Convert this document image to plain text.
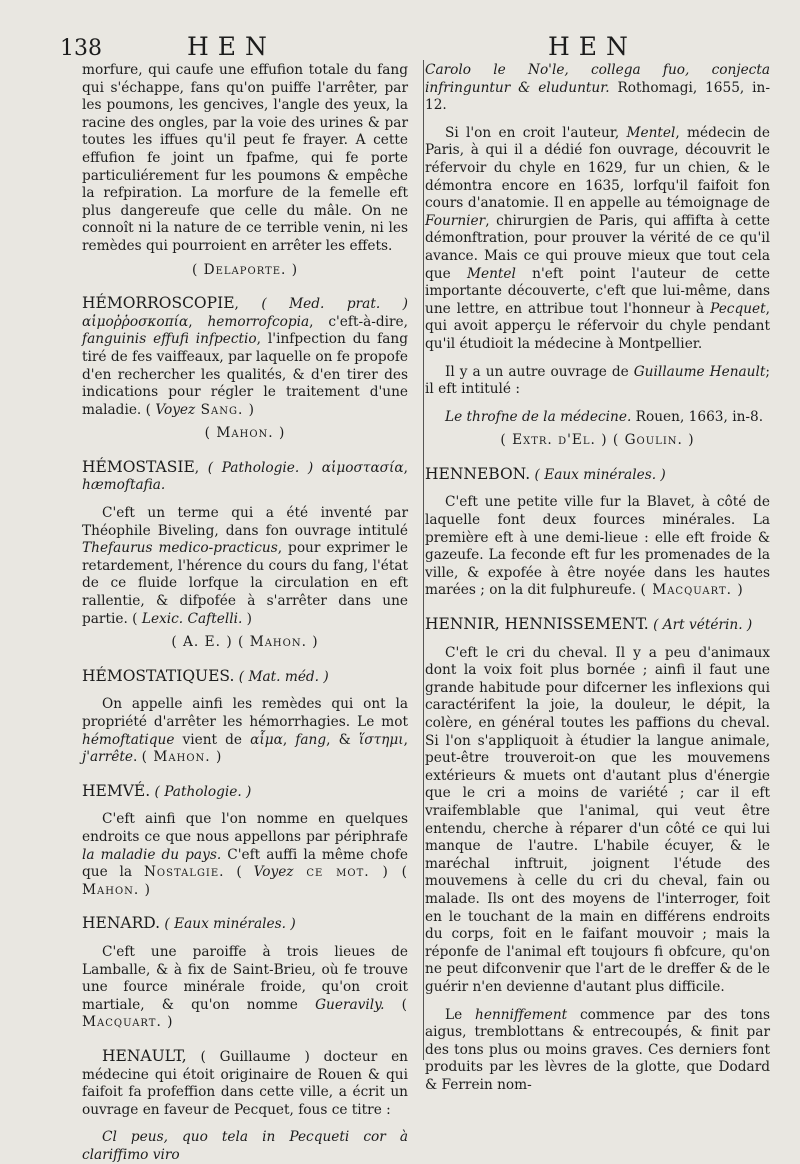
138	HEN	HEN

morfure, qui caufe une effufion totale du fang qui s'échappe, fans qu'on puiffe l'arrêter, par les poumons, les gencives, l'angle des yeux, la racine des ongles, par la voie des urines & par toutes les iffues qu'il peut fe frayer. A cette effufion fe joint un fpafme, qui fe porte particuliérement fur les poumons & empêche la refpiration. La morfure de la femelle eft plus dangereufe que celle du mâle. On ne connoît ni la nature de ce terrible venin, ni les remèdes qui pourroient en arrêter les effets.

( Delaporte. )

HÉMORROSCOPIE, ( Med. prat. ) αἱμοῤῥοσκοπία, hemorrofcopia, c'eft-à-dire, fanguinis effufi infpectio, l'infpection du fang tiré de fes vaiffeaux, par laquelle on fe propofe d'en rechercher les qualités, & d'en tirer des indications pour régler le traitement d'une maladie. ( Voyez Sang. )

( Mahon. )

HÉMOSTASIE, ( Pathologie. ) αἱμοστασία, hæmoftafia.

C'eft un terme qui a été inventé par Théophile Biveling, dans fon ouvrage intitulé Thefaurus medico-practicus, pour exprimer le retardement, l'hérence du cours du fang, l'état de ce fluide lorfque la circulation en eft rallentie, & difpofée à s'arrêter dans une partie. ( Lexic. Caftelli. )

( A. E. ) ( Mahon. )

HÉMOSTATIQUES. ( Mat. méd. )

On appelle ainfi les remèdes qui ont la propriété d'arrêter les hémorrhagies. Le mot hémoftatique vient de αἷμα, fang, & ἵστημι, j'arrête. ( Mahon. )

HEMVÉ. ( Pathologie. )

C'eft ainfi que l'on nomme en quelques endroits ce que nous appellons par périphrafe la maladie du pays. C'eft auffi la même chofe que la Nostalgie. ( Voyez ce mot. ) ( Mahon. )

HENARD. ( Eaux minérales. )

C'eft une paroiffe à trois lieues de Lamballe, & à fix de Saint-Brieu, où fe trouve une fource minérale froide, qu'on croit martiale, & qu'on nomme Gueravily. ( Macquart. )

HENAULT, ( Guillaume ) docteur en médecine qui étoit originaire de Rouen & qui faifoit fa profeffion dans cette ville, a écrit un ouvrage en faveur de Pecquet, fous ce titre :

Cl peus, quo tela in Pecqueti cor à clariffimo viro

Carolo le No'le, collega fuo, conjecta infringuntur & eluduntur. Rothomagi, 1655, in-12.

Si l'on en croit l'auteur, Mentel, médecin de Paris, à qui il a dédié fon ouvrage, découvrit le réfervoir du chyle en 1629, fur un chien, & le démontra encore en 1635, lorfqu'il faifoit fon cours d'anatomie. Il en appelle au témoignage de Fournier, chirurgien de Paris, qui affifta à cette démonftration, pour prouver la vérité de ce qu'il avance. Mais ce qui prouve mieux que tout cela que Mentel n'eft point l'auteur de cette importante découverte, c'eft que lui-même, dans une lettre, en attribue tout l'honneur à Pecquet, qui avoit apperçu le réfervoir du chyle pendant qu'il étudioit la médecine à Montpellier.

Il y a un autre ouvrage de Guillaume Henault; il eft intitulé :

Le throfne de la médecine. Rouen, 1663, in-8.

( Extr. d'El. ) ( Goulin. )

HENNEBON. ( Eaux minérales. )

C'eft une petite ville fur la Blavet, à côté de laquelle font deux fources minérales. La première eft à une demi-lieue : elle eft froide & gazeufe. La feconde eft fur les promenades de la ville, & expofée à être noyée dans les hautes marées ; on la dit fulphureufe. ( Macquart. )

HENNIR, HENNISSEMENT. ( Art vétérin. )

C'eft le cri du cheval. Il y a peu d'animaux dont la voix foit plus bornée ; ainfi il faut une grande habitude pour difcerner les inflexions qui caractérifent la joie, la douleur, le dépit, la colère, en général toutes les paffions du cheval. Si l'on s'appliquoit à étudier la langue animale, peut-être trouveroit-on que les mouvemens extérieurs & muets ont d'autant plus d'énergie que le cri a moins de variété ; car il eft vraifemblable que l'animal, qui veut être entendu, cherche à réparer d'un côté ce qui lui manque de l'autre. L'habile écuyer, & le maréchal inftruit, joignent l'étude des mouvemens à celle du cri du cheval, fain ou malade. Ils ont des moyens de l'interroger, foit en le touchant de la main en différens endroits du corps, foit en le faifant mouvoir ; mais la réponfe de l'animal eft toujours fi obfcure, qu'on ne peut difconvenir que l'art de le dreffer & de le guérir n'en devienne d'autant plus difficile.

Le henniffement commence par des tons aigus, tremblottans & entrecoupés, & finit par des tons plus ou moins graves. Ces derniers font produits par les lèvres de la glotte, que Dodard & Ferrein nom-
